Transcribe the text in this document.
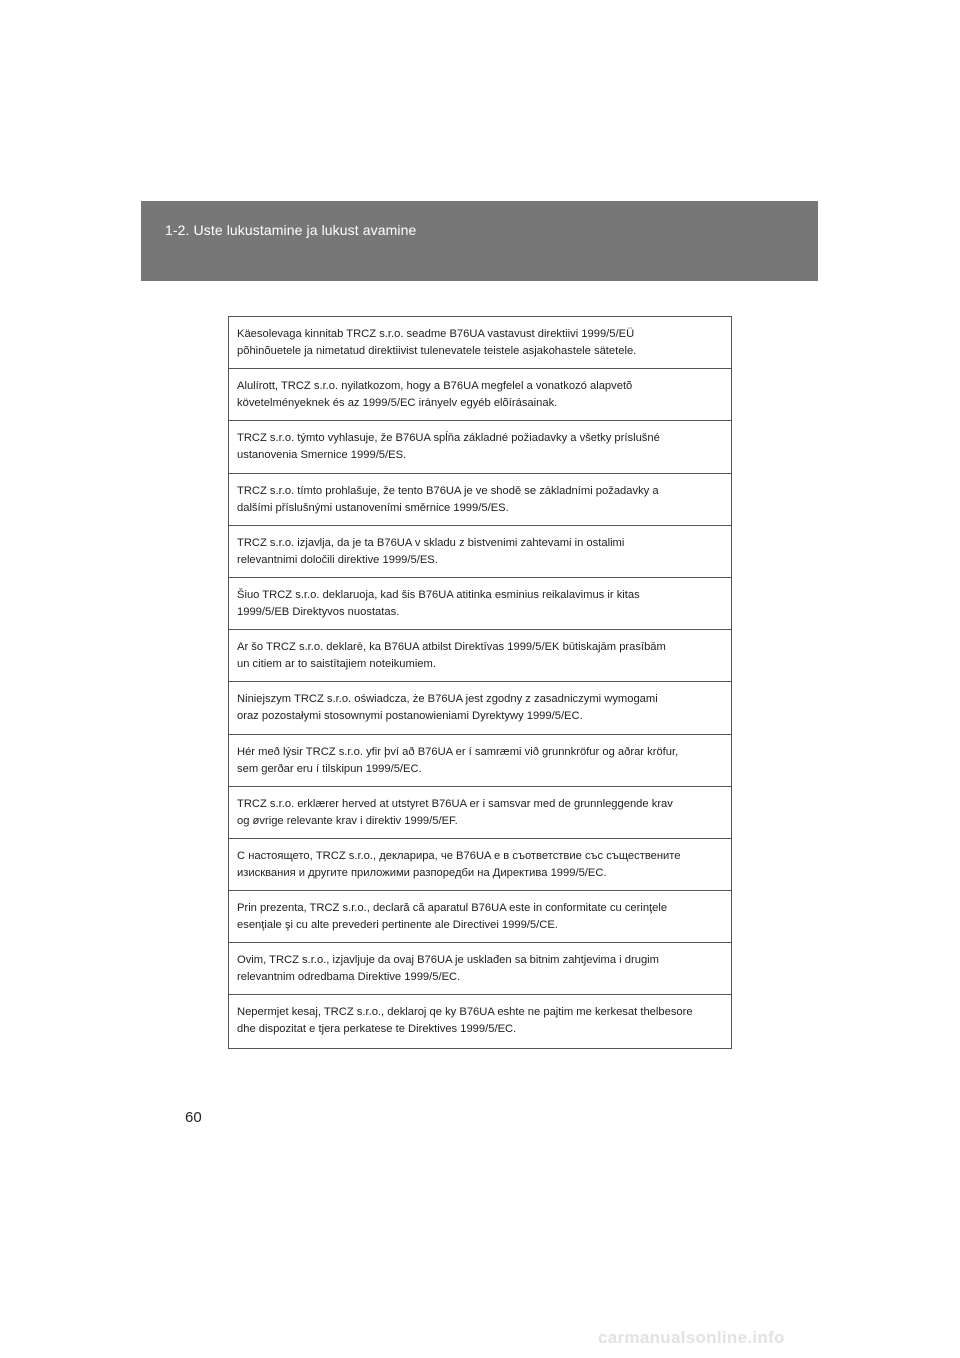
1-2. Uste lukustamine ja lukust avamine
Käesolevaga kinnitab TRCZ s.r.o. seadme B76UA vastavust direktiivi 1999/5/EÜ
põhinõuetele ja nimetatud direktiivist tulenevatele teistele asjakohastele sätetele.
Alulírott, TRCZ s.r.o. nyilatkozom, hogy a B76UA megfelel a vonatkozó alapvetõ
követelményeknek és az 1999/5/EC irányelv egyéb elõírásainak.
TRCZ s.r.o. týmto vyhlasuje, že B76UA spĺňa základné požiadavky a všetky príslušné
ustanovenia Smernice 1999/5/ES.
TRCZ s.r.o. tímto prohlašuje, že tento B76UA je ve shodě se základními požadavky a
dalšími příslušnými ustanoveními směrnice 1999/5/ES.
TRCZ s.r.o. izjavlja, da je ta B76UA v skladu z bistvenimi zahtevami in ostalimi
relevantnimi določili direktive 1999/5/ES.
Šiuo TRCZ s.r.o. deklaruoja, kad šis B76UA atitinka esminius reikalavimus ir kitas
1999/5/EB Direktyvos nuostatas.
Ar šo TRCZ s.r.o. deklarē, ka B76UA atbilst Direktīvas 1999/5/EK būtiskajām prasībām
un citiem ar to saistītajiem noteikumiem.
Niniejszym TRCZ s.r.o. oświadcza, że B76UA jest zgodny z zasadniczymi wymogami
oraz pozostałymi stosownymi postanowieniami Dyrektywy 1999/5/EC.
Hér með lýsir TRCZ s.r.o. yfir því að B76UA er í samræmi við grunnkröfur og aðrar kröfur,
sem gerðar eru í tilskipun 1999/5/EC.
TRCZ s.r.o. erklærer herved at utstyret B76UA er i samsvar med de grunnleggende krav
og øvrige relevante krav i direktiv 1999/5/EF.
С настоящето, TRCZ s.r.o., декларира, че B76UA е в съответствие със съществените
изисквания и другите приложими разпоредби на Директива 1999/5/EC.
Prin prezenta, TRCZ s.r.o., declară că aparatul B76UA este in conformitate cu cerinţele
esenţiale şi cu alte prevederi pertinente ale Directivei 1999/5/CE.
Ovim, TRCZ s.r.o., izjavljuje da ovaj B76UA je usklađen sa bitnim zahtjevima i drugim
relevantnim odredbama Direktive 1999/5/EC.
Nepermjet kesaj, TRCZ s.r.o., deklaroj qe ky B76UA eshte ne pajtim me kerkesat thelbesore
dhe dispozitat e tjera perkatese te Direktives 1999/5/EC.
60
carmanualsonline.info
